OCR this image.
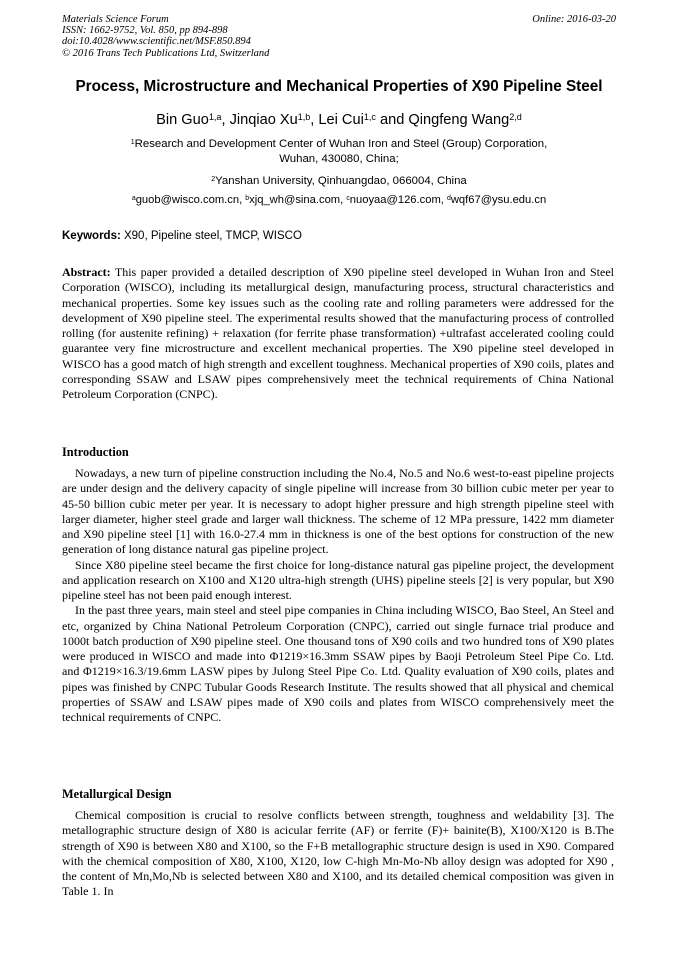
Materials Science Forum
ISSN: 1662-9752, Vol. 850, pp 894-898
doi:10.4028/www.scientific.net/MSF.850.894
© 2016 Trans Tech Publications Ltd, Switzerland
Online: 2016-03-20
Process, Microstructure and Mechanical Properties of X90 Pipeline Steel
Bin Guo$^{1,a}$, Jinqiao Xu$^{1,b}$, Lei Cui$^{1,c}$ and Qingfeng Wang$^{2,d}$
$^1$Research and Development Center of Wuhan Iron and Steel (Group) Corporation,
Wuhan, 430080, China;
$^2$Yanshan University, Qinhuangdao, 066004, China
$^a$guob@wisco.com.cn, $^b$xjq_wh@sina.com, $^c$nuoyaa@126.com, $^d$wqf67@ysu.edu.cn
Keywords: X90, Pipeline steel, TMCP, WISCO
Abstract: This paper provided a detailed description of X90 pipeline steel developed in Wuhan Iron and Steel Corporation (WISCO), including its metallurgical design, manufacturing process, structural characteristics and mechanical properties. Some key issues such as the cooling rate and rolling parameters were addressed for the development of X90 pipeline steel. The experimental results showed that the manufacturing process of controlled rolling (for austenite refining) + relaxation (for ferrite phase transformation) +ultrafast accelerated cooling could guarantee very fine microstructure and excellent mechanical properties. The X90 pipeline steel developed in WISCO has a good match of high strength and excellent toughness. Mechanical properties of X90 coils, plates and corresponding SSAW and LSAW pipes comprehensively meet the technical requirements of China National Petroleum Corporation (CNPC).
Introduction

Nowadays, a new turn of pipeline construction including the No.4, No.5 and No.6 west-to-east pipeline projects are under design and the delivery capacity of single pipeline will increase from 30 billion cubic meter per year to 45-50 billion cubic meter per year. It is necessary to adopt higher pressure and high strength pipeline steel with larger diameter, higher steel grade and larger wall thickness. The scheme of 12 MPa pressure, 1422 mm diameter and X90 pipeline steel [1] with 16.0-27.4 mm in thickness is one of the best options for construction of the new generation of long distance natural gas pipeline project.

Since X80 pipeline steel became the first choice for long-distance natural gas pipeline project, the development and application research on X100 and X120 ultra-high strength (UHS) pipeline steels [2] is very popular, but X90 pipeline steel has not been paid enough interest.

In the past three years, main steel and steel pipe companies in China including WISCO, Bao Steel, An Steel and etc, organized by China National Petroleum Corporation (CNPC), carried out single furnace trial produce and 1000t batch production of X90 pipeline steel. One thousand tons of X90 coils and two hundred tons of X90 plates were produced in WISCO and made into Φ1219×16.3mm SSAW pipes by Baoji Petroleum Steel Pipe Co. Ltd. and Φ1219×16.3/19.6mm LASW pipes by Julong Steel Pipe Co. Ltd. Quality evaluation of X90 coils, plates and pipes was finished by CNPC Tubular Goods Research Institute. The results showed that all physical and chemical properties of SSAW and LSAW pipes made of X90 coils and plates from WISCO comprehensively meet the technical requirements of CNPC.

Metallurgical Design

Chemical composition is crucial to resolve conflicts between strength, toughness and weldability [3]. The metallographic structure design of X80 is acicular ferrite (AF) or ferrite (F)+ bainite(B), X100/X120 is B.The strength of X90 is between X80 and X100, so the F+B metallographic structure design is used in X90. Compared with the chemical composition of X80, X100, X120, low C-high Mn-Mo-Nb alloy design was adopted for X90 , the content of Mn,Mo,Nb is selected between X80 and X100, and its detailed chemical composition was given in Table 1. In
